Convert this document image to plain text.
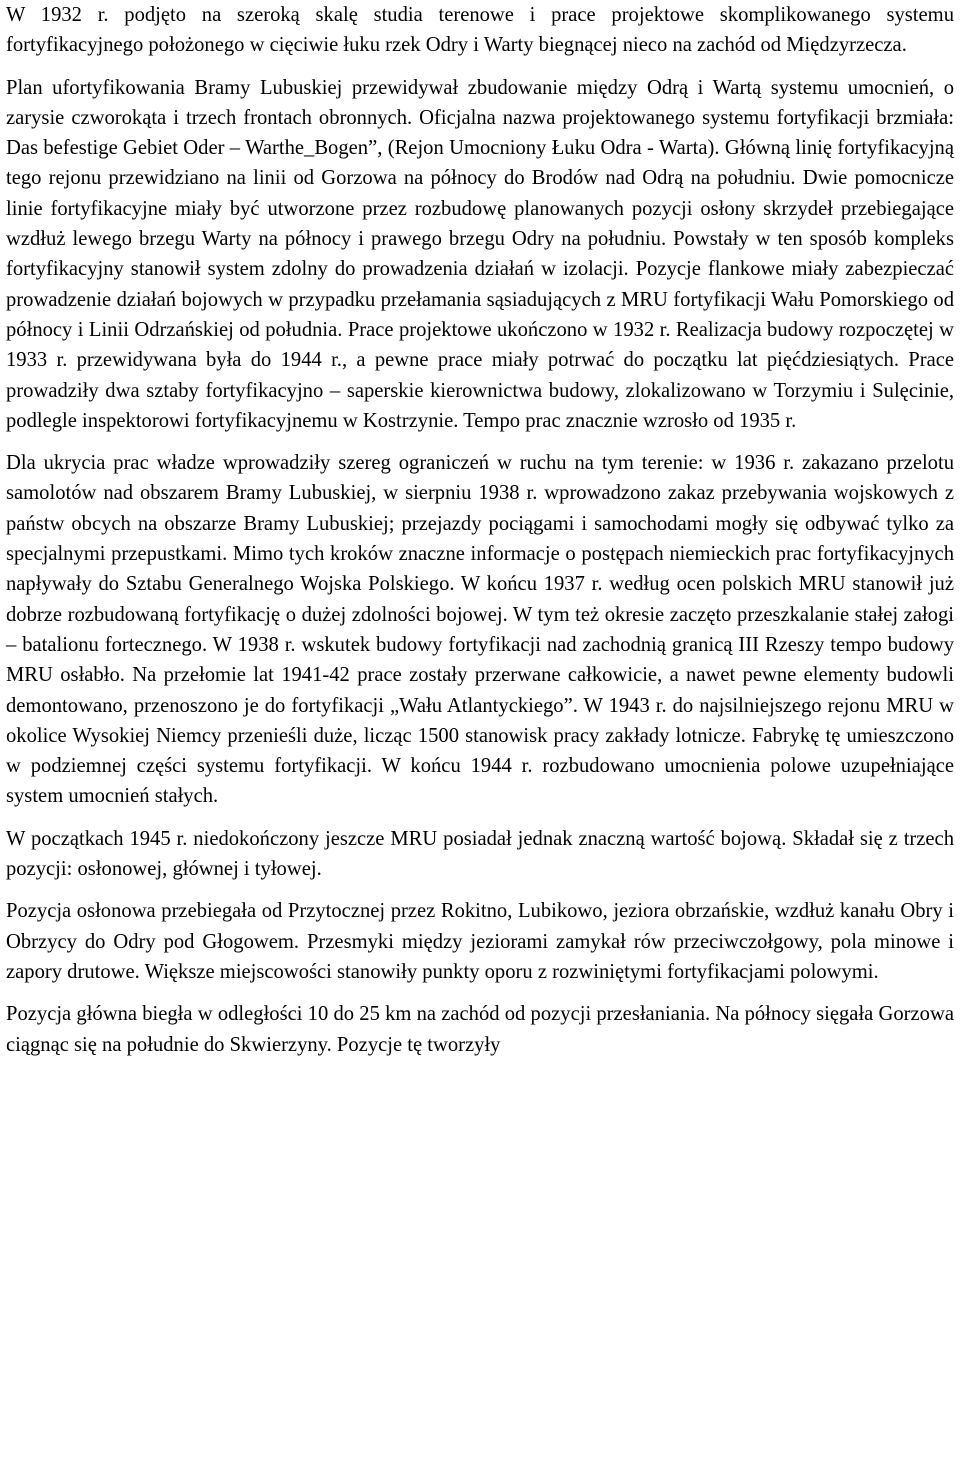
W 1932 r. podjęto na szeroką skalę studia terenowe i prace projektowe skomplikowanego systemu fortyfikacyjnego położonego w cięciwie łuku rzek Odry i Warty biegnącej nieco na zachód od Międzyrzecza.

Plan ufortyfikowania Bramy Lubuskiej przewidywał zbudowanie między Odrą i Wartą systemu umocnień, o zarysie czworokąta i trzech frontach obronnych. Oficjalna nazwa projektowanego systemu fortyfikacji brzmiała: Das befestige Gebiet Oder – Warthe_Bogen”, (Rejon Umocniony Łuku Odra - Warta). Główną linię fortyfikacyjną tego rejonu przewidziano na linii od Gorzowa na północy do Brodów nad Odrą na południu. Dwie pomocnicze linie fortyfikacyjne miały być utworzone przez rozbudowę planowanych pozycji osłony skrzydeł przebiegające wzdłuż lewego brzegu Warty na północy i prawego brzegu Odry na południu. Powstały w ten sposób kompleks fortyfikacyjny stanowił system zdolny do prowadzenia działań w izolacji. Pozycje flankowe miały zabezpieczać prowadzenie działań bojowych w przypadku przełamania sąsiadujących z MRU fortyfikacji Wału Pomorskiego od północy i Linii Odrzańskiej od południa. Prace projektowe ukończono w 1932 r. Realizacja budowy rozpoczętej w 1933 r. przewidywana była do 1944 r., a pewne prace miały potrwać do początku lat pięćdziesiątych. Prace prowadziły dwa sztaby fortyfikacyjno – saperskie kierownictwa budowy, zlokalizowano w Torzymiu i Sulęcinie, podlegle inspektorowi fortyfikacyjnemu w Kostrzynie. Tempo prac znacznie wzrosło od 1935 r.

Dla ukrycia prac władze wprowadziły szereg ograniczeń w ruchu na tym terenie: w 1936 r. zakazano przelotu samolotów nad obszarem Bramy Lubuskiej, w sierpniu 1938 r. wprowadzono zakaz przebywania wojskowych z państw obcych na obszarze Bramy Lubuskiej; przejazdy pociągami i samochodami mogły się odbywać tylko za specjalnymi przepustkami. Mimo tych kroków znaczne informacje o postępach niemieckich prac fortyfikacyjnych napływały do Sztabu Generalnego Wojska Polskiego. W końcu 1937 r. według ocen polskich MRU stanowił już dobrze rozbudowaną fortyfikację o dużej zdolności bojowej. W tym też okresie zaczęto przeszkalanie stałej załogi – batalionu fortecznego. W 1938 r. wskutek budowy fortyfikacji nad zachodnią granicą III Rzeszy tempo budowy MRU osłabło. Na przełomie lat 1941-42 prace zostały przerwane całkowicie, a nawet pewne elementy budowli demontowano, przenoszono je do fortyfikacji „Wału Atlantyckiego”. W 1943 r. do najsilniejszego rejonu MRU w okolice Wysokiej Niemcy przenieśli duże, licząc 1500 stanowisk pracy zakłady lotnicze. Fabrykę tę umieszczono w podziemnej części systemu fortyfikacji. W końcu 1944 r. rozbudowano umocnienia polowe uzupełniające system umocnień stałych.

W początkach 1945 r. niedokończony jeszcze MRU posiadał jednak znaczną wartość bojową. Składał się z trzech pozycji: osłonowej, głównej i tyłowej.

Pozycja osłonowa przebiegała od Przytocznej przez Rokitno, Lubikowo, jeziora obrzańskie, wzdłuż kanału Obry i Obrzycy do Odry pod Głogowem. Przesmyki między jeziorami zamykał rów przeciwczołgowy, pola minowe i zapory drutowe. Większe miejscowości stanowiły punkty oporu z rozwiniętymi fortyfikacjami polowymi.

Pozycja główna biegła w odległości 10 do 25 km na zachód od pozycji przesłaniania. Na północy sięgała Gorzowa ciągnąc się na południe do Skwierzyny. Pozycje tę tworzyły
